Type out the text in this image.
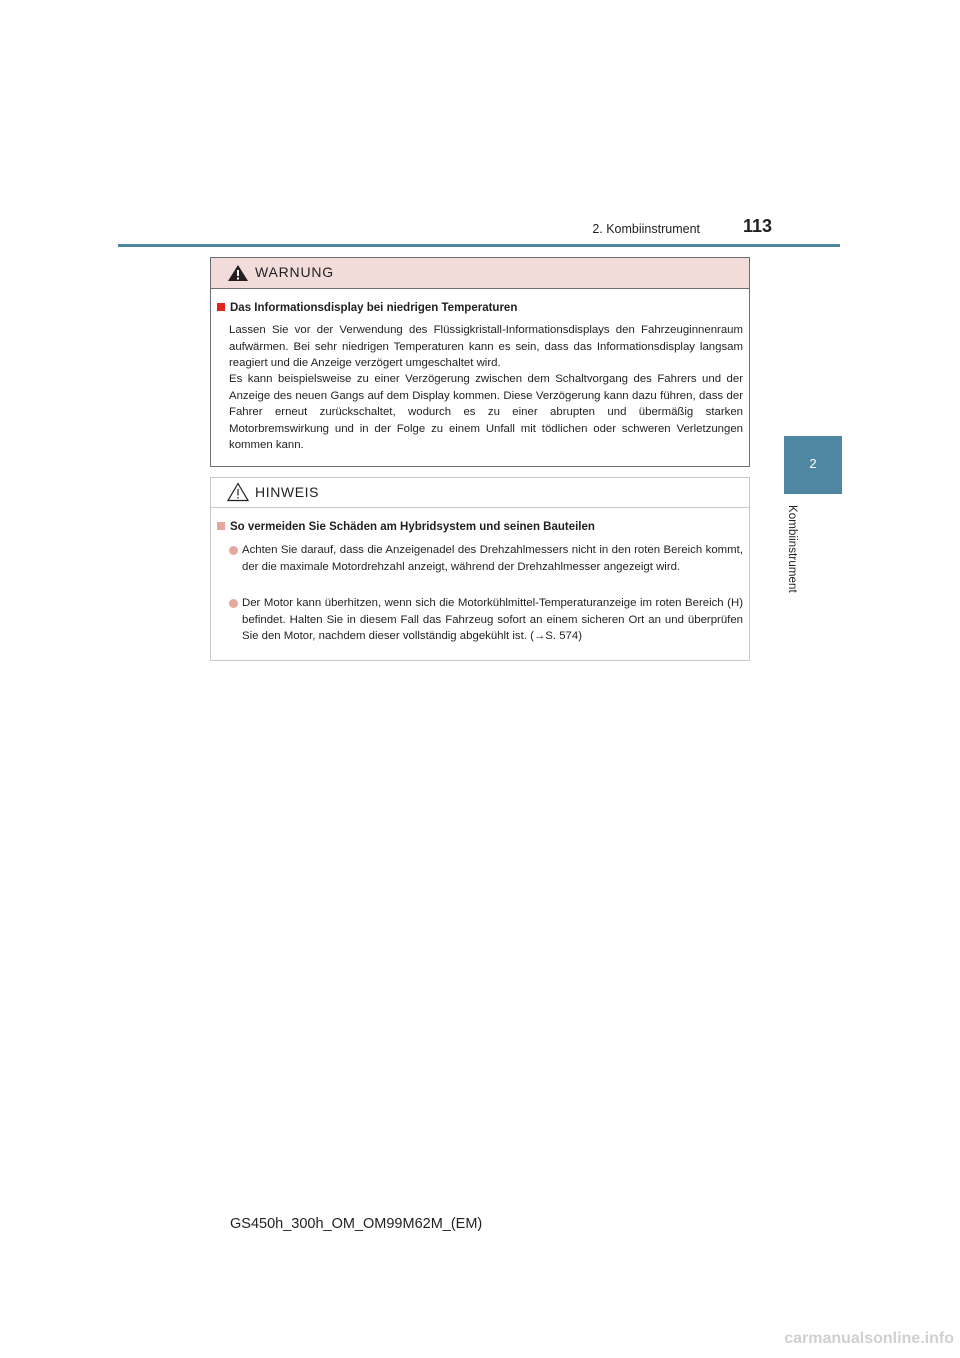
2. Kombiinstrument 113
2
Kombiinstrument
WARNUNG
Das Informationsdisplay bei niedrigen Temperaturen
Lassen Sie vor der Verwendung des Flüssigkristall-Informationsdisplays den Fahrzeuginnenraum aufwärmen. Bei sehr niedrigen Temperaturen kann es sein, dass das Informationsdisplay langsam reagiert und die Anzeige verzögert umgeschaltet wird.
Es kann beispielsweise zu einer Verzögerung zwischen dem Schaltvorgang des Fahrers und der Anzeige des neuen Gangs auf dem Display kommen. Diese Verzögerung kann dazu führen, dass der Fahrer erneut zurückschaltet, wodurch es zu einer abrupten und übermäßig starken Motorbremswirkung und in der Folge zu einem Unfall mit tödlichen oder schweren Verletzungen kommen kann.
HINWEIS
So vermeiden Sie Schäden am Hybridsystem und seinen Bauteilen
Achten Sie darauf, dass die Anzeigenadel des Drehzahlmessers nicht in den roten Bereich kommt, der die maximale Motordrehzahl anzeigt, während der Drehzahlmesser angezeigt wird.
Der Motor kann überhitzen, wenn sich die Motorkühlmittel-Temperaturanzeige im roten Bereich (H) befindet. Halten Sie in diesem Fall das Fahrzeug sofort an einem sicheren Ort an und überprüfen Sie den Motor, nachdem dieser vollständig abgekühlt ist. (→S. 574)
GS450h_300h_OM_OM99M62M_(EM)
carmanualsonline.info
